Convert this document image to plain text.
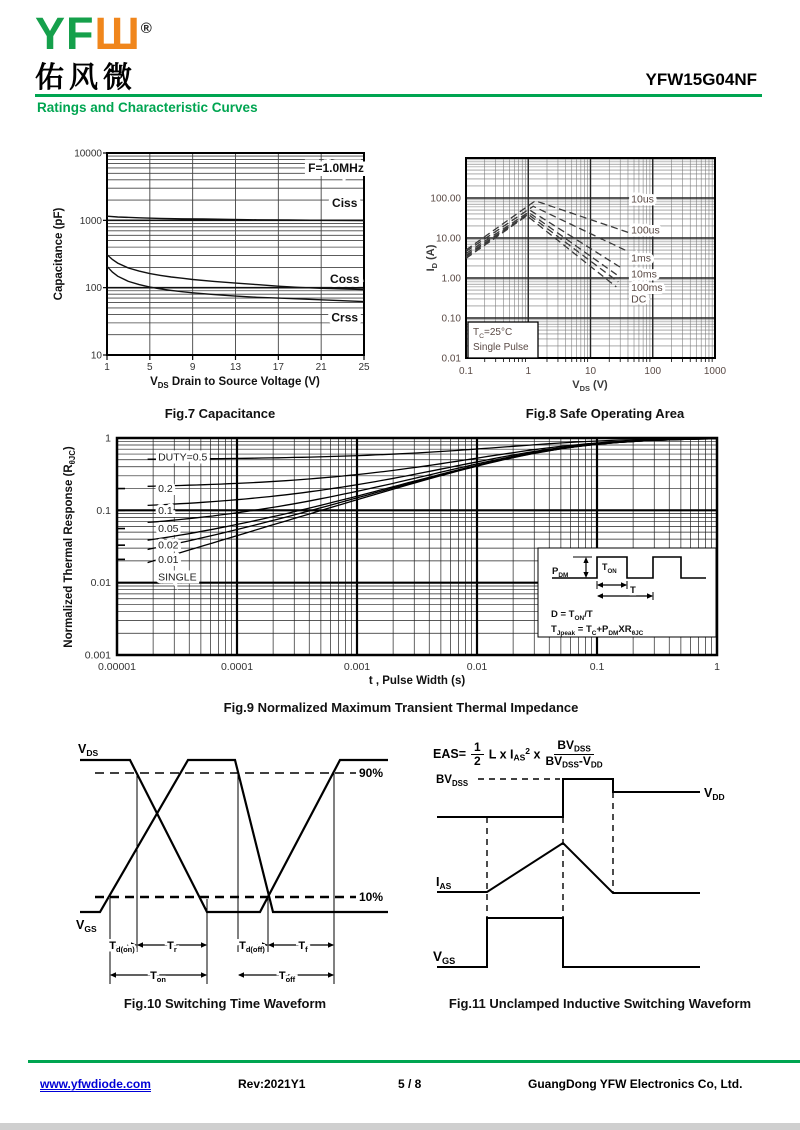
YFШ®
佑风微	YFW15G04NF
Ratings and Characteristic Curves
1	5	9	13	17	21	25
10
100
1000
10000
Ciss
Coss
Crss
F=1.0MHz
Capacitance (pF)
$V_{DS}$ Drain to Source Voltage (V)
Fig.7 Capacitance
10us
100us
1ms
10ms
100ms
DC
0.01
0.10
1.00
10.00
100.00
0.1	1	10	100	1000
$T_C=25^\circ C$
Single Pulse
$I_D$ (A)
$V_{DS}$ (V)
Fig.8 Safe Operating Area
DUTY=0.5
0.2
0.1
0.05
0.02
0.01
SINGLE	$P_{DM}$
$T_{ON}$
T
$D = T_{ON}/T$
$T_{Jpeak} = T_C+P_{DM}XR_{\theta JC}$
0.00001	0.0001	0.001	0.01	0.1	1
1
0.1
0.01
0.001
Normalized Thermal Response $(R_{\theta JC})$
t , Pulse Width (s)
Fig.9 Normalized Maximum Transient Thermal Impedance
$V_{DS}$
$V_{GS}$
90%
10%
$T_{d(on)}$	$T_r$	$T_{d(off)}$	$T_f$
$T_{on}$	$T_{off}$
Fig.10 Switching Time Waveform
$EAS= \frac{1}{2}$ L x IAS$^2$ x $\frac{\text{BVDSS}}{\text{BVDSS-VDD}}$
$BV_{DSS}$
$V_{DD}$
$I_{AS}$
$V_{GS}$
Fig.11 Unclamped Inductive Switching Waveform
www.yfwdiode.com	Rev:2021Y1	5 / 8	GuangDong YFW Electronics Co, Ltd.
